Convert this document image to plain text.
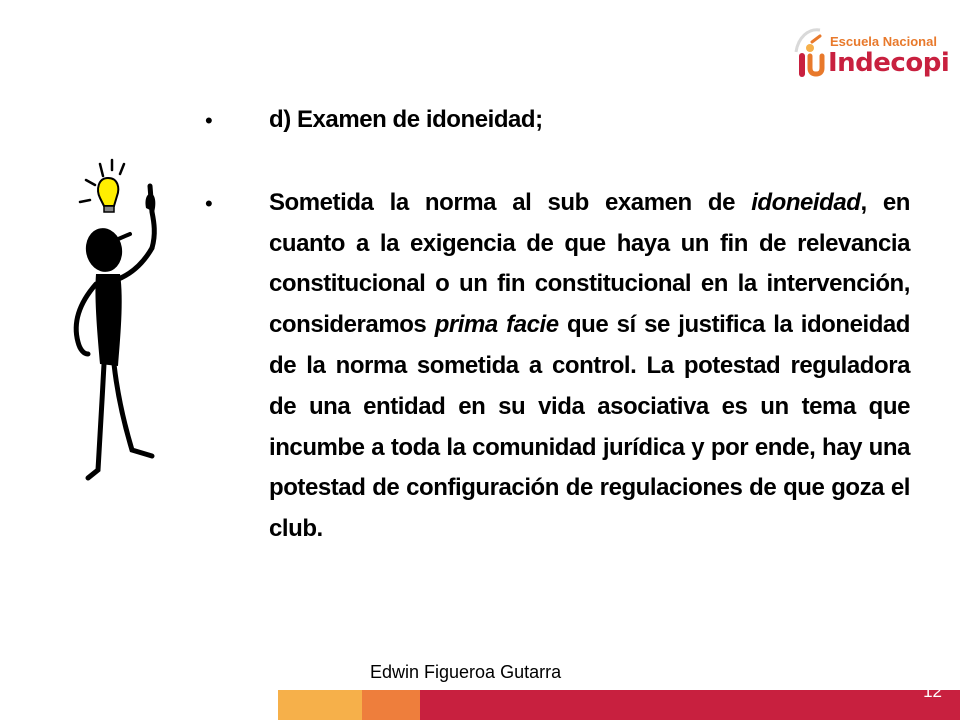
Escuela Nacional
Indecopi
• d) Examen de idoneidad;
• Sometida la norma al sub examen de idoneidad, en cuanto a la exigencia de que haya un fin de relevancia constitucional o un fin constitucional en la intervención, consideramos prima facie que sí se justifica la idoneidad de la norma sometida a control. La potestad reguladora de una entidad en su vida asociativa es un tema que incumbe a toda la comunidad jurídica y por ende, hay una potestad de configuración de regulaciones de que goza el club.
Edwin Figueroa Gutarra
12
